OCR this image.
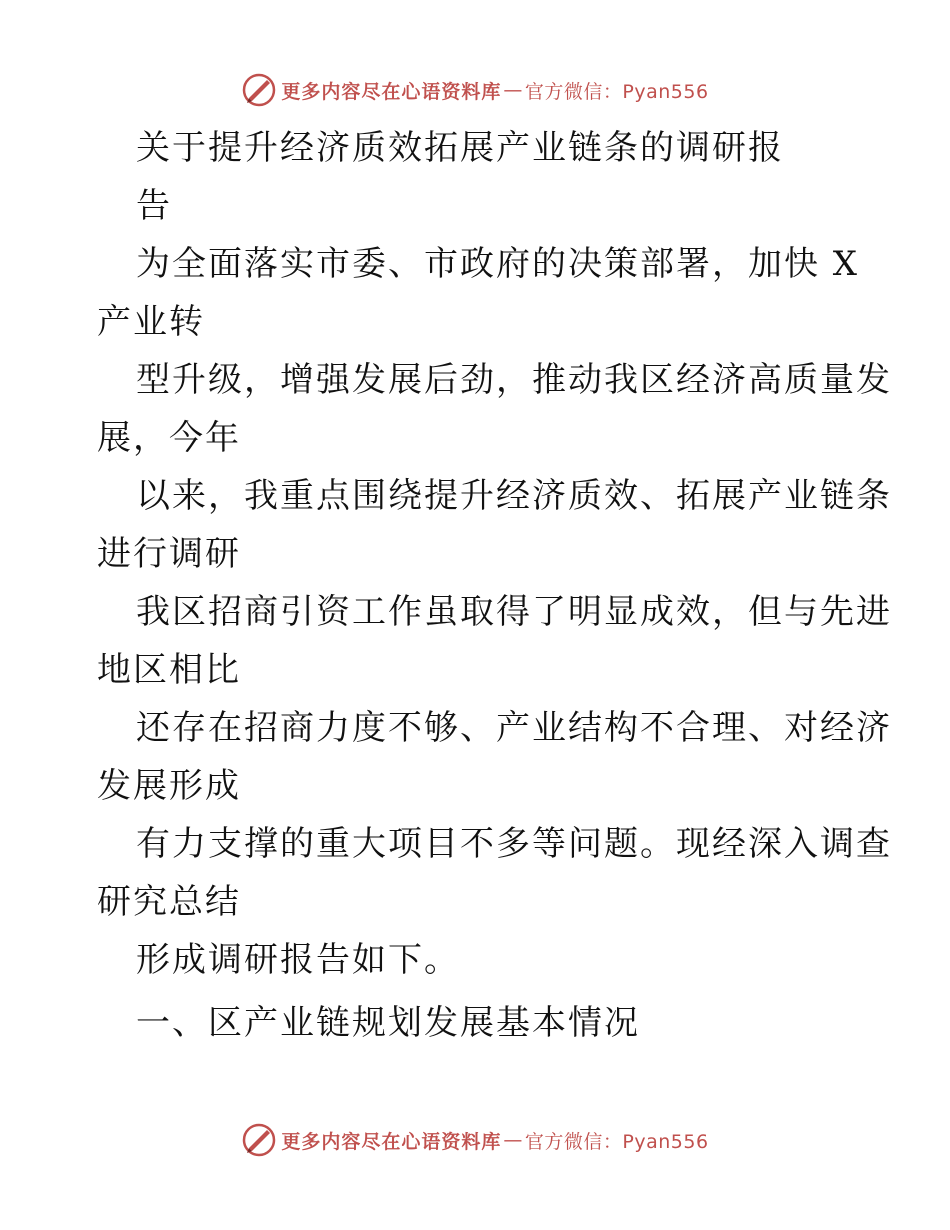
更多内容尽在心语资料库 — 官方微信：Pyan556
关于提升经济质效拓展产业链条的调研报
告
为全面落实市委、市政府的决策部署，加快 X
产业转
型升级，增强发展后劲，推动我区经济高质量发
展，今年
以来，我重点围绕提升经济质效、拓展产业链条
进行调研
我区招商引资工作虽取得了明显成效，但与先进
地区相比
还存在招商力度不够、产业结构不合理、对经济
发展形成
有力支撑的重大项目不多等问题。现经深入调查
研究总结
形成调研报告如下。
一、区产业链规划发展基本情况
更多内容尽在心语资料库 — 官方微信：Pyan556
